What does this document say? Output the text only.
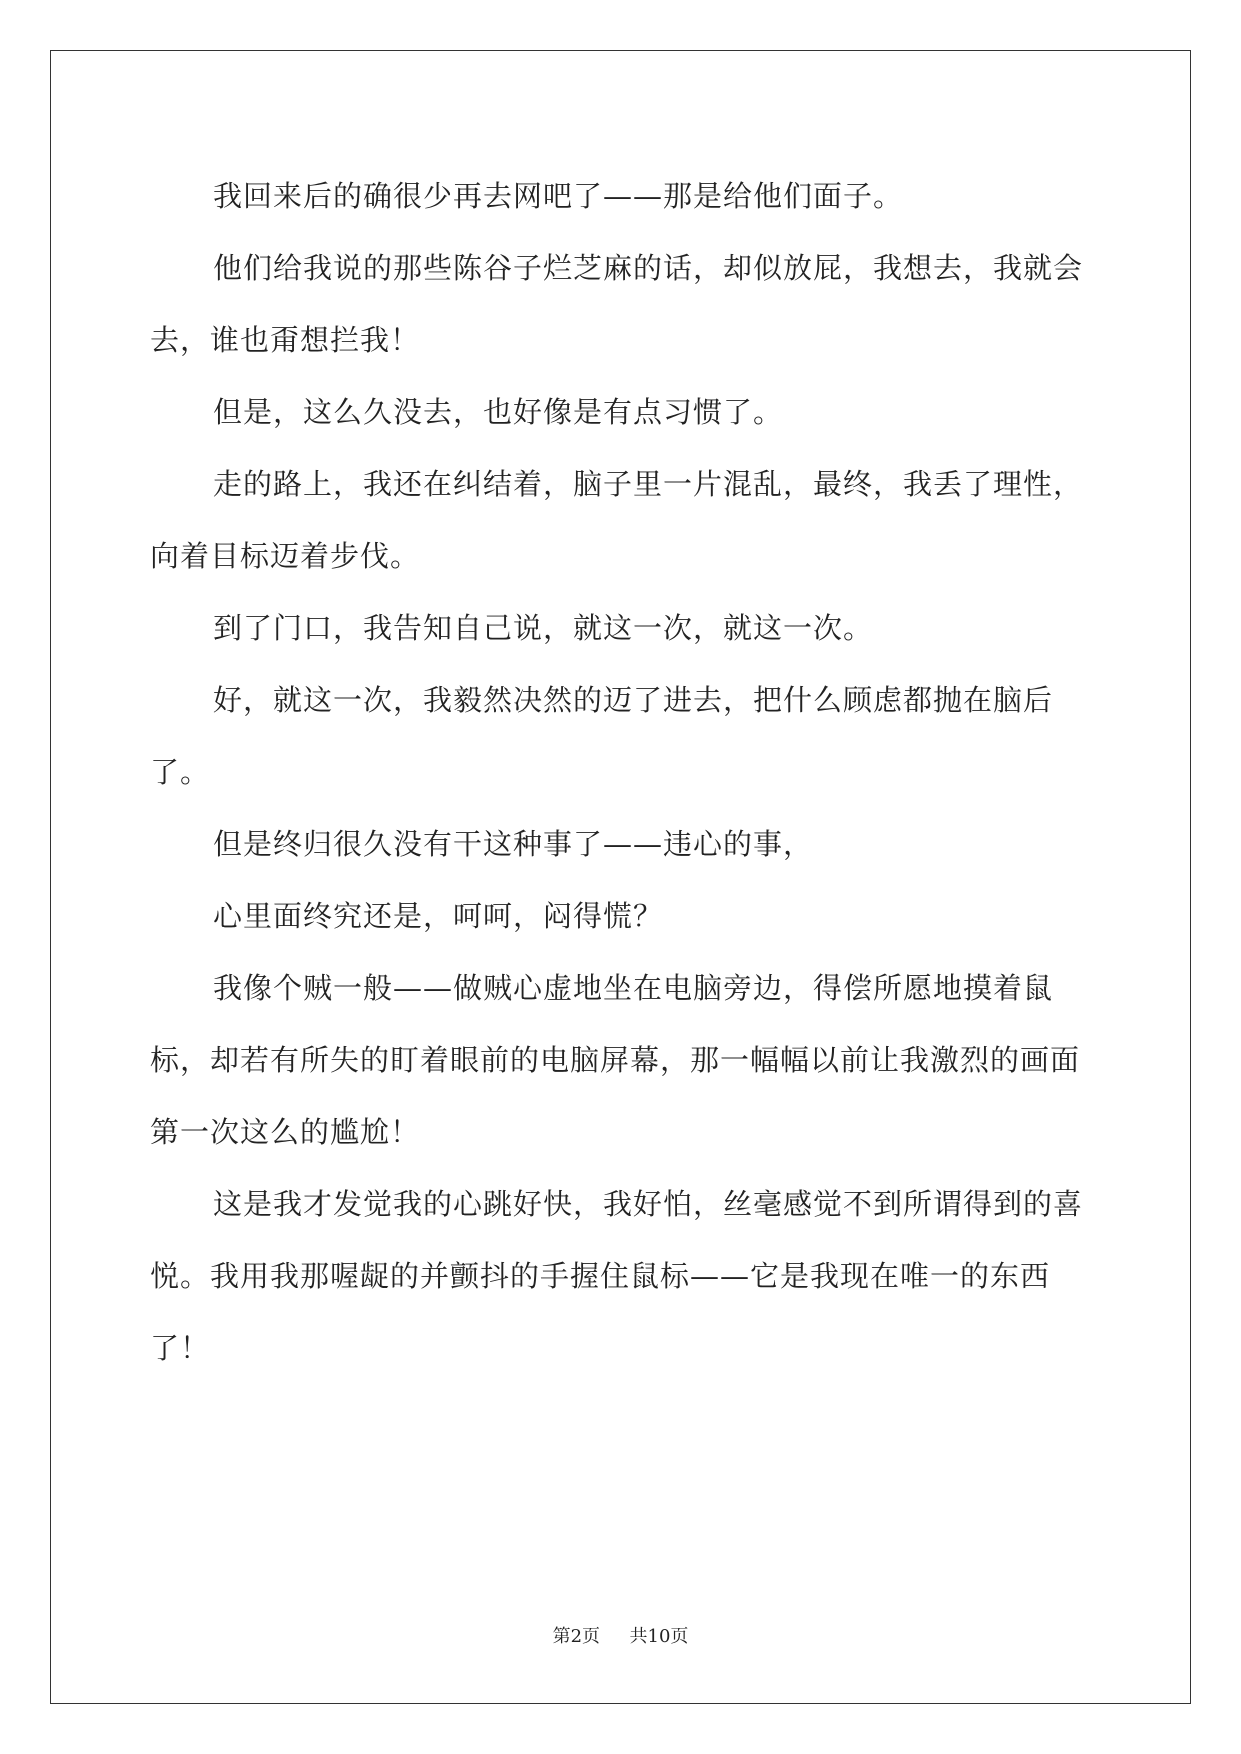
我回来后的确很少再去网吧了——那是给他们面子。

他们给我说的那些陈谷子烂芝麻的话，却似放屁，我想去，我就会去，谁也甭想拦我！

但是，这么久没去，也好像是有点习惯了。

走的路上，我还在纠结着，脑子里一片混乱，最终，我丢了理性，向着目标迈着步伐。

到了门口，我告知自己说，就这一次，就这一次。

好，就这一次，我毅然决然的迈了进去，把什么顾虑都抛在脑后了。

但是终归很久没有干这种事了——违心的事，

心里面终究还是，呵呵，闷得慌？

我像个贼一般——做贼心虚地坐在电脑旁边，得偿所愿地摸着鼠标，却若有所失的盯着眼前的电脑屏幕，那一幅幅以前让我激烈的画面第一次这么的尴尬！

这是我才发觉我的心跳好快，我好怕，丝毫感觉不到所谓得到的喜悦。我用我那喔龊的并颤抖的手握住鼠标——它是我现在唯一的东西了！

第2页 共10页
